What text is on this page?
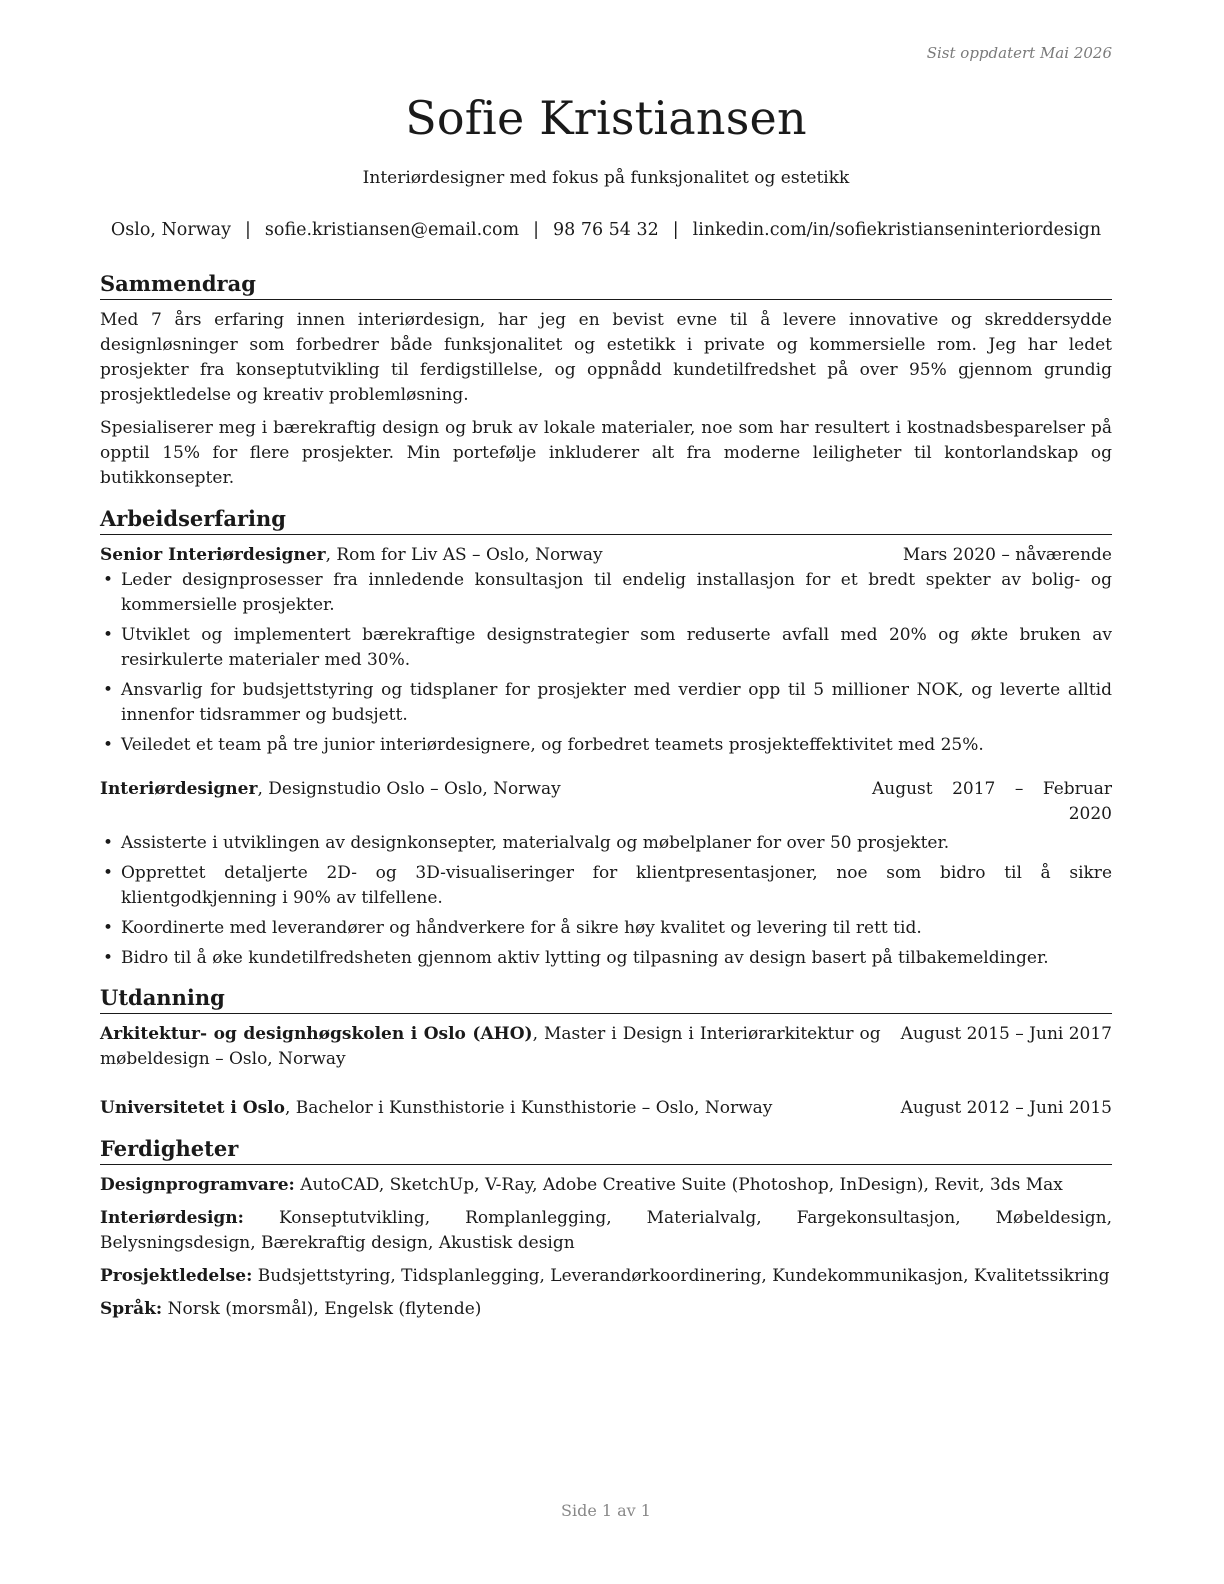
Sist oppdatert Mai 2026
Sofie Kristiansen
Interiørdesigner med fokus på funksjonalitet og estetikk
Oslo, Norway | sofie.kristiansen@email.com | 98 76 54 32 | linkedin.com/in/sofiekristianseninteriordesign
Sammendrag

Med 7 års erfaring innen interiørdesign, har jeg en bevist evne til å levere innovative og skreddersydde designløsninger som forbedrer både funksjonalitet og estetikk i private og kommersielle rom. Jeg har ledet prosjekter fra konseptutvikling til ferdigstillelse, og oppnådd kundetilfredshet på over 95% gjennom grundig prosjektledelse og kreativ problemløsning.

Spesialiserer meg i bærekraftig design og bruk av lokale materialer, noe som har resultert i kostnadsbesparelser på opptil 15% for flere prosjekter. Min portefølje inkluderer alt fra moderne leiligheter til kontorlandskap og butikkonsepter.

Arbeidserfaring
Senior Interiørdesigner, Rom for Liv AS – Oslo, Norway	Mars 2020 – nåværende
• Leder designprosesser fra innledende konsultasjon til endelig installasjon for et bredt spekter av bolig- og kommersielle prosjekter.
• Utviklet og implementert bærekraftige designstrategier som reduserte avfall med 20% og økte bruken av resirkulerte materialer med 30%.
• Ansvarlig for budsjettstyring og tidsplaner for prosjekter med verdier opp til 5 millioner NOK, og leverte alltid innenfor tidsrammer og budsjett.
• Veiledet et team på tre junior interiørdesignere, og forbedret teamets prosjekteffektivitet med 25%.
Interiørdesigner, Designstudio Oslo – Oslo, Norway	August 2017 – Februar 2020
• Assisterte i utviklingen av designkonsepter, materialvalg og møbelplaner for over 50 prosjekter.
• Opprettet detaljerte 2D- og 3D-visualiseringer for klientpresentasjoner, noe som bidro til å sikre klientgodkjenning i 90% av tilfellene.
• Koordinerte med leverandører og håndverkere for å sikre høy kvalitet og levering til rett tid.
• Bidro til å øke kundetilfredsheten gjennom aktiv lytting og tilpasning av design basert på tilbakemeldinger.
Utdanning
Arkitektur- og designhøgskolen i Oslo (AHO), Master i Design i Interiørarkitektur og møbeldesign – Oslo, Norway
August 2015 – Juni 2017
Universitetet i Oslo, Bachelor i Kunsthistorie i Kunsthistorie – Oslo, Norway	August 2012 – Juni 2015
Ferdigheter
Designprogramvare: AutoCAD, SketchUp, V-Ray, Adobe Creative Suite (Photoshop, InDesign), Revit, 3ds Max
Interiørdesign: Konseptutvikling, Romplanlegging, Materialvalg, Fargekonsultasjon, Møbeldesign, Belysningsdesign, Bærekraftig design, Akustisk design
Prosjektledelse: Budsjettstyring, Tidsplanlegging, Leverandørkoordinering, Kundekommunikasjon, Kvalitetssikring
Språk: Norsk (morsmål), Engelsk (flytende)
Side 1 av 1
